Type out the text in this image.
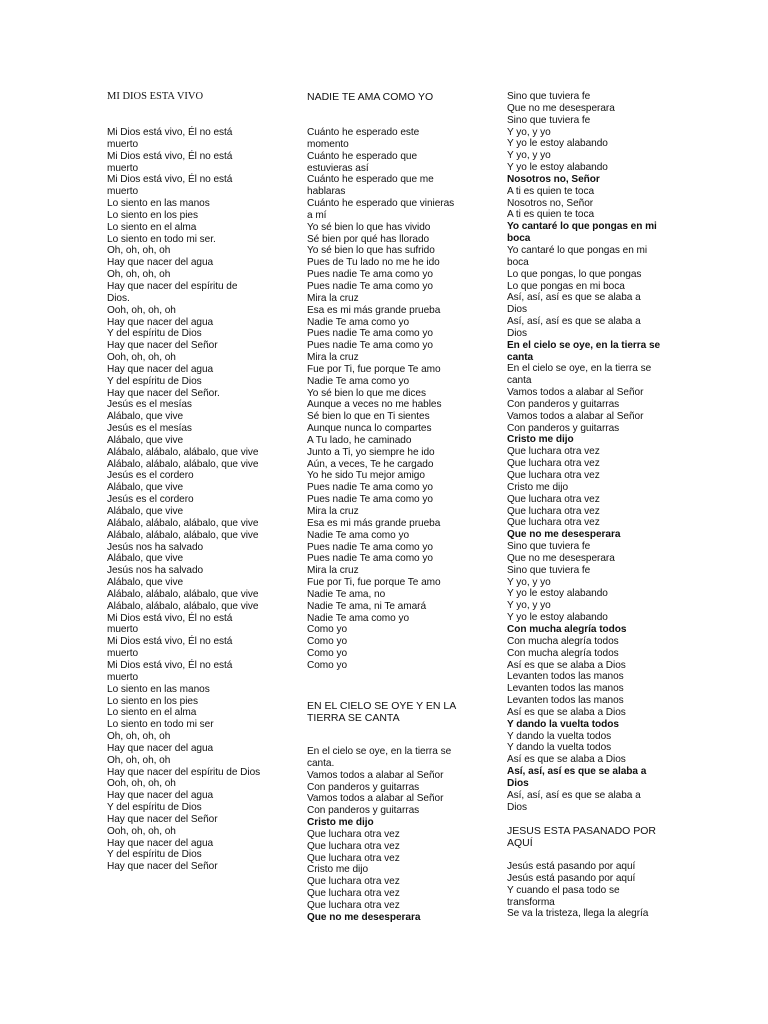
MI DIOS ESTA VIVO
Mi Dios está vivo, Él no está
muerto
Mi Dios está vivo, Él no está
muerto
Mi Dios está vivo, Él no está
muerto
Lo siento en las manos
Lo siento en los pies
Lo siento en el alma
Lo siento en todo mi ser.
Oh, oh, oh, oh
Hay que nacer del agua
Oh, oh, oh, oh
Hay que nacer del espíritu de
Dios.
Ooh, oh, oh, oh
Hay que nacer del agua
Y del espíritu de Dios
Hay que nacer del Señor
Ooh, oh, oh, oh
Hay que nacer del agua
Y del espíritu de Dios
Hay que nacer del Señor.
Jesús es el mesías
Alábalo, que vive
Jesús es el mesías
Alábalo, que vive
Alábalo, alábalo, alábalo, que vive
Alábalo, alábalo, alábalo, que vive
Jesús es el cordero
Alábalo, que vive
Jesús es el cordero
Alábalo, que vive
Alábalo, alábalo, alábalo, que vive
Alábalo, alábalo, alábalo, que vive
Jesús nos ha salvado
Alábalo, que vive
Jesús nos ha salvado
Alábalo, que vive
Alábalo, alábalo, alábalo, que vive
Alábalo, alábalo, alábalo, que vive
Mi Dios está vivo, Él no está
muerto
Mi Dios está vivo, Él no está
muerto
Mi Dios está vivo, Él no está
muerto
Lo siento en las manos
Lo siento en los pies
Lo siento en el alma
Lo siento en todo mi ser
Oh, oh, oh, oh
Hay que nacer del agua
Oh, oh, oh, oh
Hay que nacer del espíritu de Dios
Ooh, oh, oh, oh
Hay que nacer del agua
Y del espíritu de Dios
Hay que nacer del Señor
Ooh, oh, oh, oh
Hay que nacer del agua
Y del espíritu de Dios
Hay que nacer del Señor
NADIE TE AMA COMO YO
Cuánto he esperado este
momento
Cuánto he esperado que
estuvieras así
Cuánto he esperado que me
hablaras
Cuánto he esperado que vinieras
a mí
Yo sé bien lo que has vivido
Sé bien por qué has llorado
Yo sé bien lo que has sufrido
Pues de Tu lado no me he ido
Pues nadie Te ama como yo
Pues nadie Te ama como yo
Mira la cruz
Esa es mi más grande prueba
Nadie Te ama como yo
Pues nadie Te ama como yo
Pues nadie Te ama como yo
Mira la cruz
Fue por Ti, fue porque Te amo
Nadie Te ama como yo
Yo sé bien lo que me dices
Aunque a veces no me hables
Sé bien lo que en Ti sientes
Aunque nunca lo compartes
A Tu lado, he caminado
Junto a Ti, yo siempre he ido
Aún, a veces, Te he cargado
Yo he sido Tu mejor amigo
Pues nadie Te ama como yo
Pues nadie Te ama como yo
Mira la cruz
Esa es mi más grande prueba
Nadie Te ama como yo
Pues nadie Te ama como yo
Pues nadie Te ama como yo
Mira la cruz
Fue por Ti, fue porque Te amo
Nadie Te ama, no
Nadie Te ama, ni Te amará
Nadie Te ama como yo
Como yo
Como yo
Como yo
Como yo
EN EL CIELO SE OYE Y EN LA
TIERRA SE CANTA
En el cielo se oye, en la tierra se
canta.
Vamos todos a alabar al Señor
Con panderos y guitarras
Vamos todos a alabar al Señor
Con panderos y guitarras
Cristo me dijo
Que luchara otra vez
Que luchara otra vez
Que luchara otra vez
Cristo me dijo
Que luchara otra vez
Que luchara otra vez
Que luchara otra vez
Que no me desesperara
Sino que tuviera fe
Que no me desesperara
Sino que tuviera fe
Y yo, y yo
Y yo le estoy alabando
Y yo, y yo
Y yo le estoy alabando
Nosotros no, Señor
A ti es quien te toca
Nosotros no, Señor
A ti es quien te toca
Yo cantaré lo que pongas en mi
boca
Yo cantaré lo que pongas en mi
boca
Lo que pongas, lo que pongas
Lo que pongas en mi boca
Así, así, así es que se alaba a
Dios
Así, así, así es que se alaba a
Dios
En el cielo se oye, en la tierra se
canta
En el cielo se oye, en la tierra se
canta
Vamos todos a alabar al Señor
Con panderos y guitarras
Vamos todos a alabar al Señor
Con panderos y guitarras
Cristo me dijo
Que luchara otra vez
Que luchara otra vez
Que luchara otra vez
Cristo me dijo
Que luchara otra vez
Que luchara otra vez
Que luchara otra vez
Que no me desesperara
Sino que tuviera fe
Que no me desesperara
Sino que tuviera fe
Y yo, y yo
Y yo le estoy alabando
Y yo, y yo
Y yo le estoy alabando
Con mucha alegría todos
Con mucha alegría todos
Con mucha alegría todos
Así es que se alaba a Dios
Levanten todos las manos
Levanten todos las manos
Levanten todos las manos
Así es que se alaba a Dios
Y dando la vuelta todos
Y dando la vuelta todos
Y dando la vuelta todos
Así es que se alaba a Dios
Así, así, así es que se alaba a
Dios
Así, así, así es que se alaba a
Dios
JESUS ESTA PASANADO POR
AQUÍ
Jesús está pasando por aquí
Jesús está pasando por aquí
Y cuando el pasa todo se
transforma
Se va la tristeza, llega la alegría
